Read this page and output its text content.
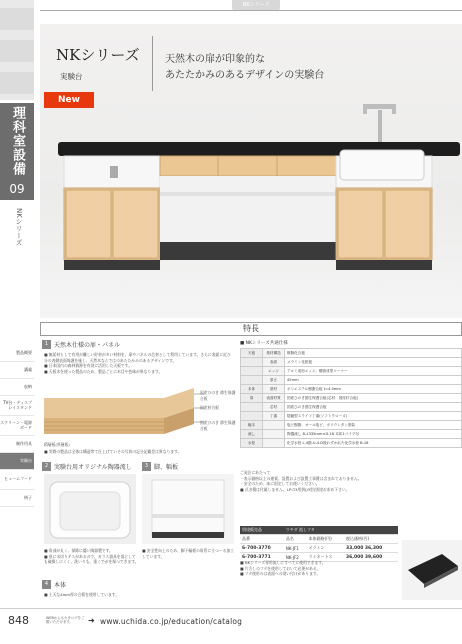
NKシリーズ
理科室設備
09
NKシリーズ
製品概要
講義
収納
TV台・ディスプレイスタンド
スクリーン・電源ボード
制作用具
実験台
ヒュームフード
椅子
NKシリーズ
実験台
天然木の扉が印象的な
あたたかみのあるデザインの実験台
New
特長
1 天然木仕様の扉・パネル
■ 無垢材として有用が難しい貯材が多い材料を、扉やパネルの芯材として利用しています。さらに表面に近ひ分の表側表面保護を施し、天然木ならではのあたたかみのあるデザインです。
■ 日本国内の森林資源を有効に活用した天板です。
■ 天板木を使った製品のため、製品ごとに木目や色味が異なります。
国産ひのき 節生保護合板
国産杉合板
国産ひのき 節生保護合板
積層板(厚層板)
■ 実際の製品は全体は構造等て仕上げていその写真の記分記載差は異なります。
2 実験台用オリジナル陶器流し
■ 角部が丸く、掃除に優い陶器製です。
■ 底に水切りテスがあるので、ガラス器具を落としても破損しにくく、洗いりも、重くでがを保つできます。
3 脚、幅板
■ 安全性向上のため、脚下幅板の角管に立つーる加工しています。
4 本体
■ 土天な4mm厚の合板を使用しています。
■ NKシリーズ共通仕様
天板	基材構造	樹脂化合板
	表面	メラミン化粧板
	エッジ	アルミ成形エッジ、樹脂成型コーナー
	厚さ	45mm
本体	基材	ポリエステル樹脂合板 t=4.0mm
扉	表面材質	国産ひのき節生保護合板(芯材：国産杉合板)
	芯材	国産ひのき節生保護合板
	丁番	隠蔽型スライド丁番(ソフトクローズ)
幅木		塩ビ樹脂、オール塩ビ、ポリウレタン塗装
流し		陶器流し B-1335mm×D-18 本体1パイプ付
水栓		化学水栓 L-4節-U-4.D後わずかれた化学水栓 B-16
ご発注にあたって
・表示価格以上の運賃、設置および設置工事費は含まれておりません。
・安全のため、床に固定してお使いください。
■ 式ガ積は付属しません。LPの3用供(J3型)別途お求め下さい。
別途販売品	ウチダ 流しフタ		
品番	品名	本体価格(円)	税込価格(円)
6-700-3770	NK-JF1	メラミン	33,000 36,300
6-700-3771	NK-JF2	ラミネートス	36,000 39,600
■ NKシリーズ専用流しにすべてに使用できます。
■ 片方しのフタを使用しておいて必要がある。
■ フタ使用のは表面への効い付けがあります。
848	WEBからもカタログをご覧いただけます。	➜ www.uchida.co.jp/education/catalog
